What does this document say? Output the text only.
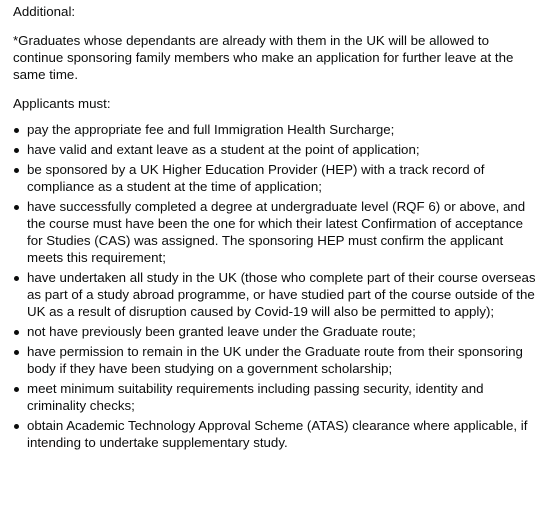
Additional:

*Graduates whose dependants are already with them in the UK will be allowed to continue sponsoring family members who make an application for further leave at the same time.

Applicants must:

pay the appropriate fee and full Immigration Health Surcharge;
have valid and extant leave as a student at the point of application;
be sponsored by a UK Higher Education Provider (HEP) with a track record of compliance as a student at the time of application;
have successfully completed a degree at undergraduate level (RQF 6) or above, and the course must have been the one for which their latest Confirmation of acceptance for Studies (CAS) was assigned. The sponsoring HEP must confirm the applicant meets this requirement;
have undertaken all study in the UK (those who complete part of their course overseas as part of a study abroad programme, or have studied part of the course outside of the UK as a result of disruption caused by Covid-19 will also be permitted to apply);
not have previously been granted leave under the Graduate route;
have permission to remain in the UK under the Graduate route from their sponsoring body if they have been studying on a government scholarship;
meet minimum suitability requirements including passing security, identity and criminality checks;
obtain Academic Technology Approval Scheme (ATAS) clearance where applicable, if intending to undertake supplementary study.
